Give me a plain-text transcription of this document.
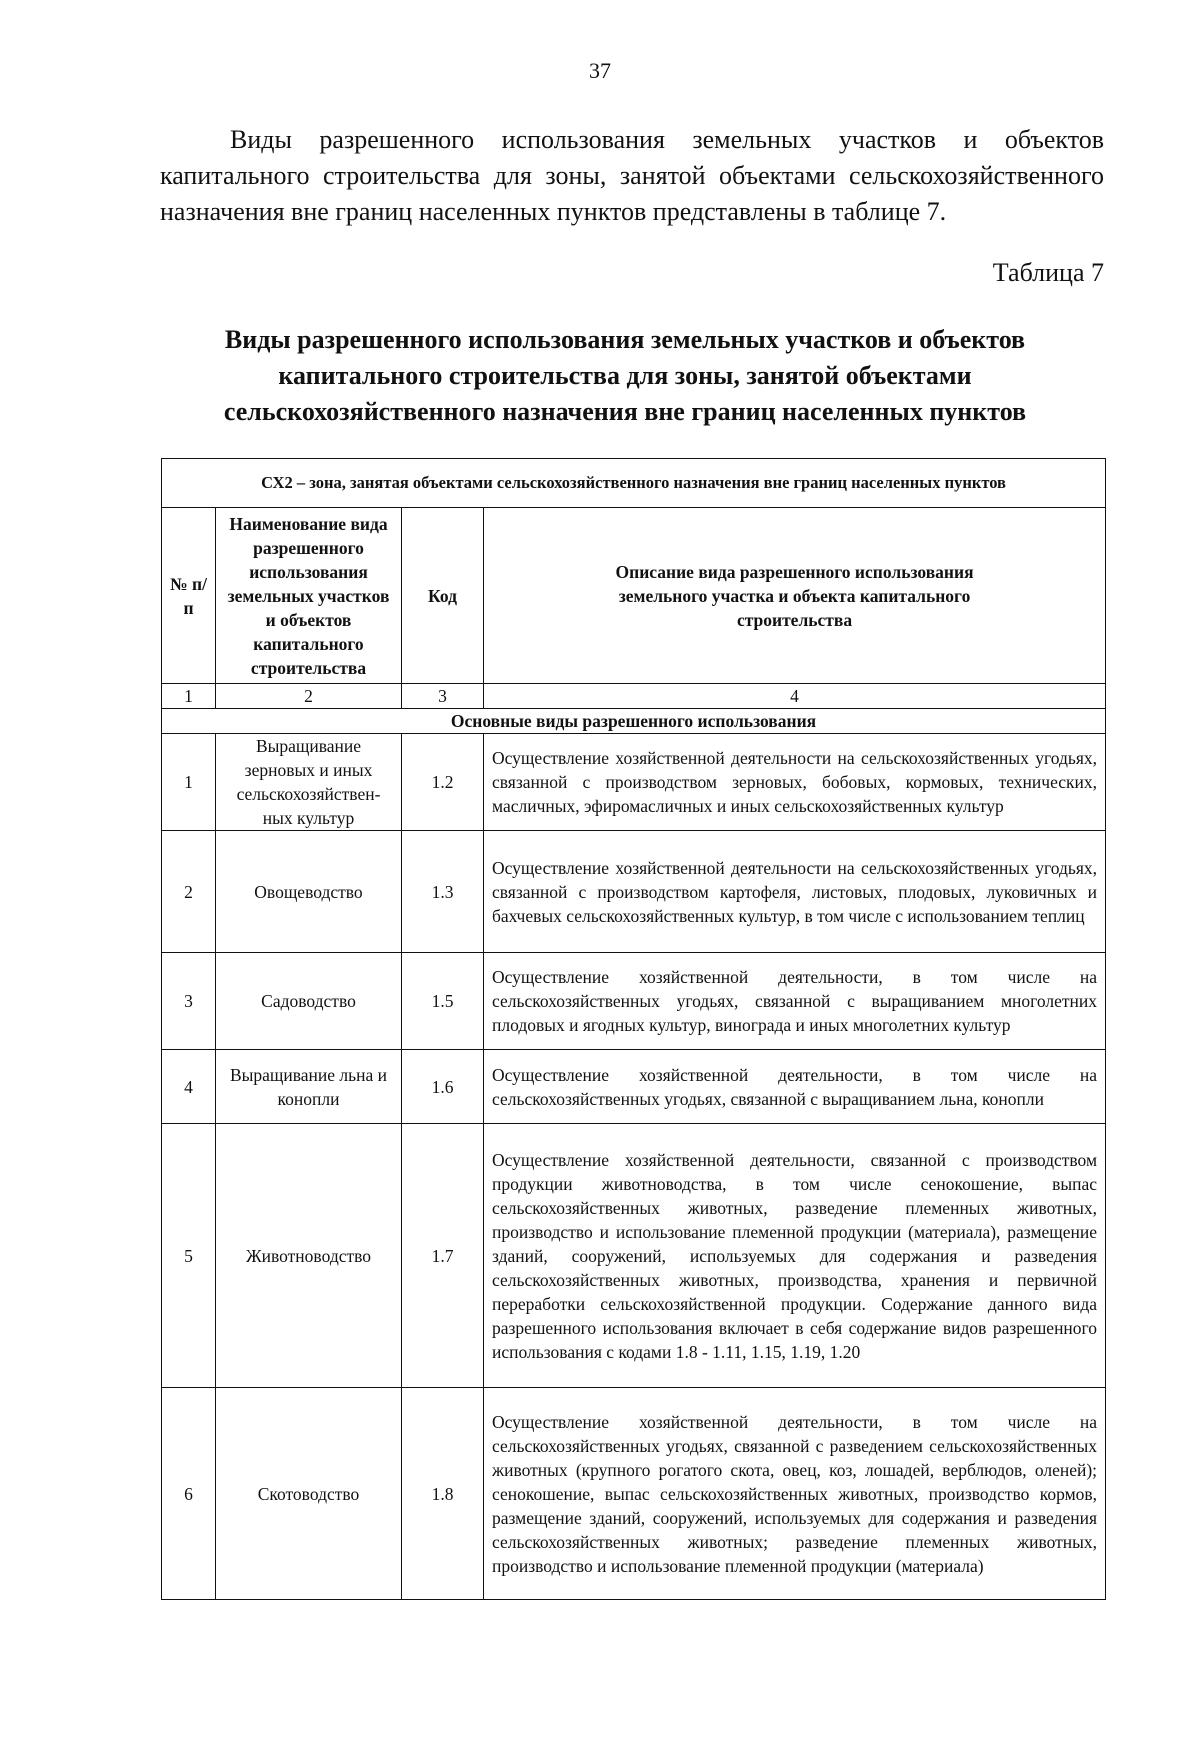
37

Виды разрешенного использования земельных участков и объектов капитального строительства для зоны, занятой объектами сельскохозяйственного назначения вне границ населенных пунктов представлены в таблице 7.

Таблица 7

Виды разрешенного использования земельных участков и объектов капитального строительства для зоны, занятой объектами сельскохозяйственного назначения вне границ населенных пунктов

СХ2 – зона, занятая объектами сельскохозяйственного назначения вне границ населенных пунктов			
№ п/п	Наименование вида разрешенного использования земельных участков и объектов капитального строительства	Код	Описание вида разрешенного использования земельного участка и объекта капитального строительства
1	2	3	4
Основные виды разрешенного использования			
1	Выращивание зерновых и иных сельскохозяйствен-ных культур	1.2	Осуществление хозяйственной деятельности на сельскохозяйственных угодьях, связанной с производством зерновых, бобовых, кормовых, технических, масличных, эфиромасличных и иных сельскохозяйственных культур
2	Овощеводство	1.3	Осуществление хозяйственной деятельности на сельскохозяйственных угодьях, связанной с производством картофеля, листовых, плодовых, луковичных и бахчевых сельскохозяйственных культур, в том числе с использованием теплиц
3	Садоводство	1.5	Осуществление хозяйственной деятельности, в том числе на сельскохозяйственных угодьях, связанной с выращиванием многолетних плодовых и ягодных культур, винограда и иных многолетних культур
4	Выращивание льна и конопли	1.6	Осуществление хозяйственной деятельности, в том числе на сельскохозяйственных угодьях, связанной с выращиванием льна, конопли
5	Животноводство	1.7	Осуществление хозяйственной деятельности, связанной с производством продукции животноводства, в том числе сенокошение, выпас сельскохозяйственных животных, разведение племенных животных, производство и использование племенной продукции (материала), размещение зданий, сооружений, используемых для содержания и разведения сельскохозяйственных животных, производства, хранения и первичной переработки сельскохозяйственной продукции. Содержание данного вида разрешенного использования включает в себя содержание видов разрешенного использования с кодами 1.8 - 1.11, 1.15, 1.19, 1.20
6	Скотоводство	1.8	Осуществление хозяйственной деятельности, в том числе на сельскохозяйственных угодьях, связанной с разведением сельскохозяйственных животных (крупного рогатого скота, овец, коз, лошадей, верблюдов, оленей); сенокошение, выпас сельскохозяйственных животных, производство кормов, размещение зданий, сооружений, используемых для содержания и разведения сельскохозяйственных животных; разведение племенных животных, производство и использование племенной продукции (материала)
